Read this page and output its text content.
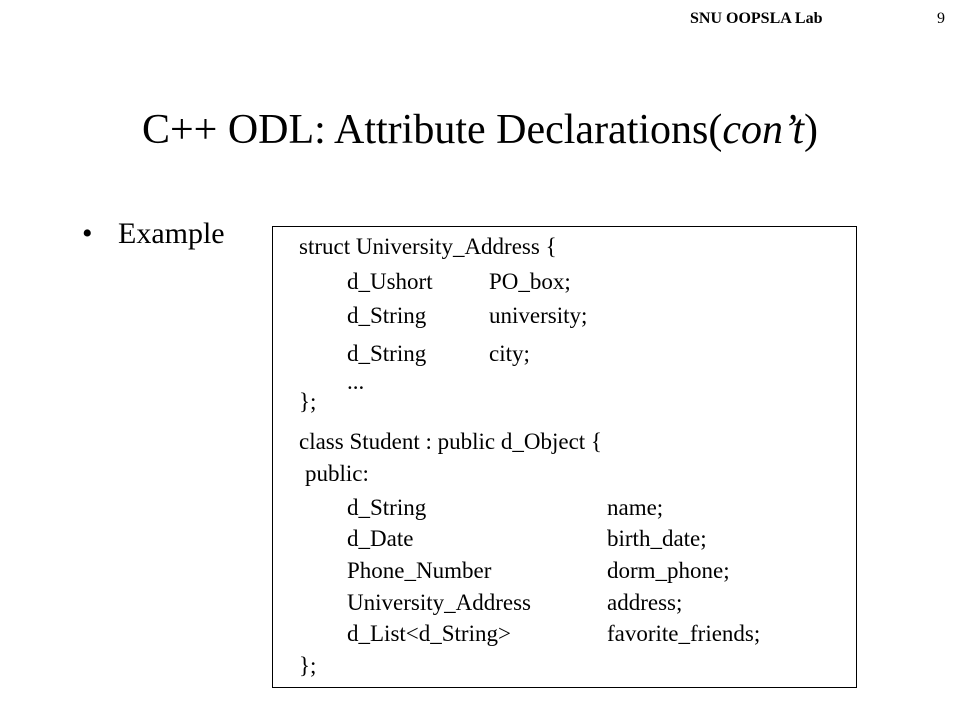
SNU OOPSLA Lab	9
C++ ODL: Attribute Declarations(con’t)
• Example	struct University_Address {
d_Ushort PO_box;
d_String	university;
d_String	city;
...
};
class Student : public d_Object {
public:
d_String	name;
d_Date	birth_date;
Phone_Number	dorm_phone;
University_Address	address;
d_List<d_String>	favorite_friends;
};
